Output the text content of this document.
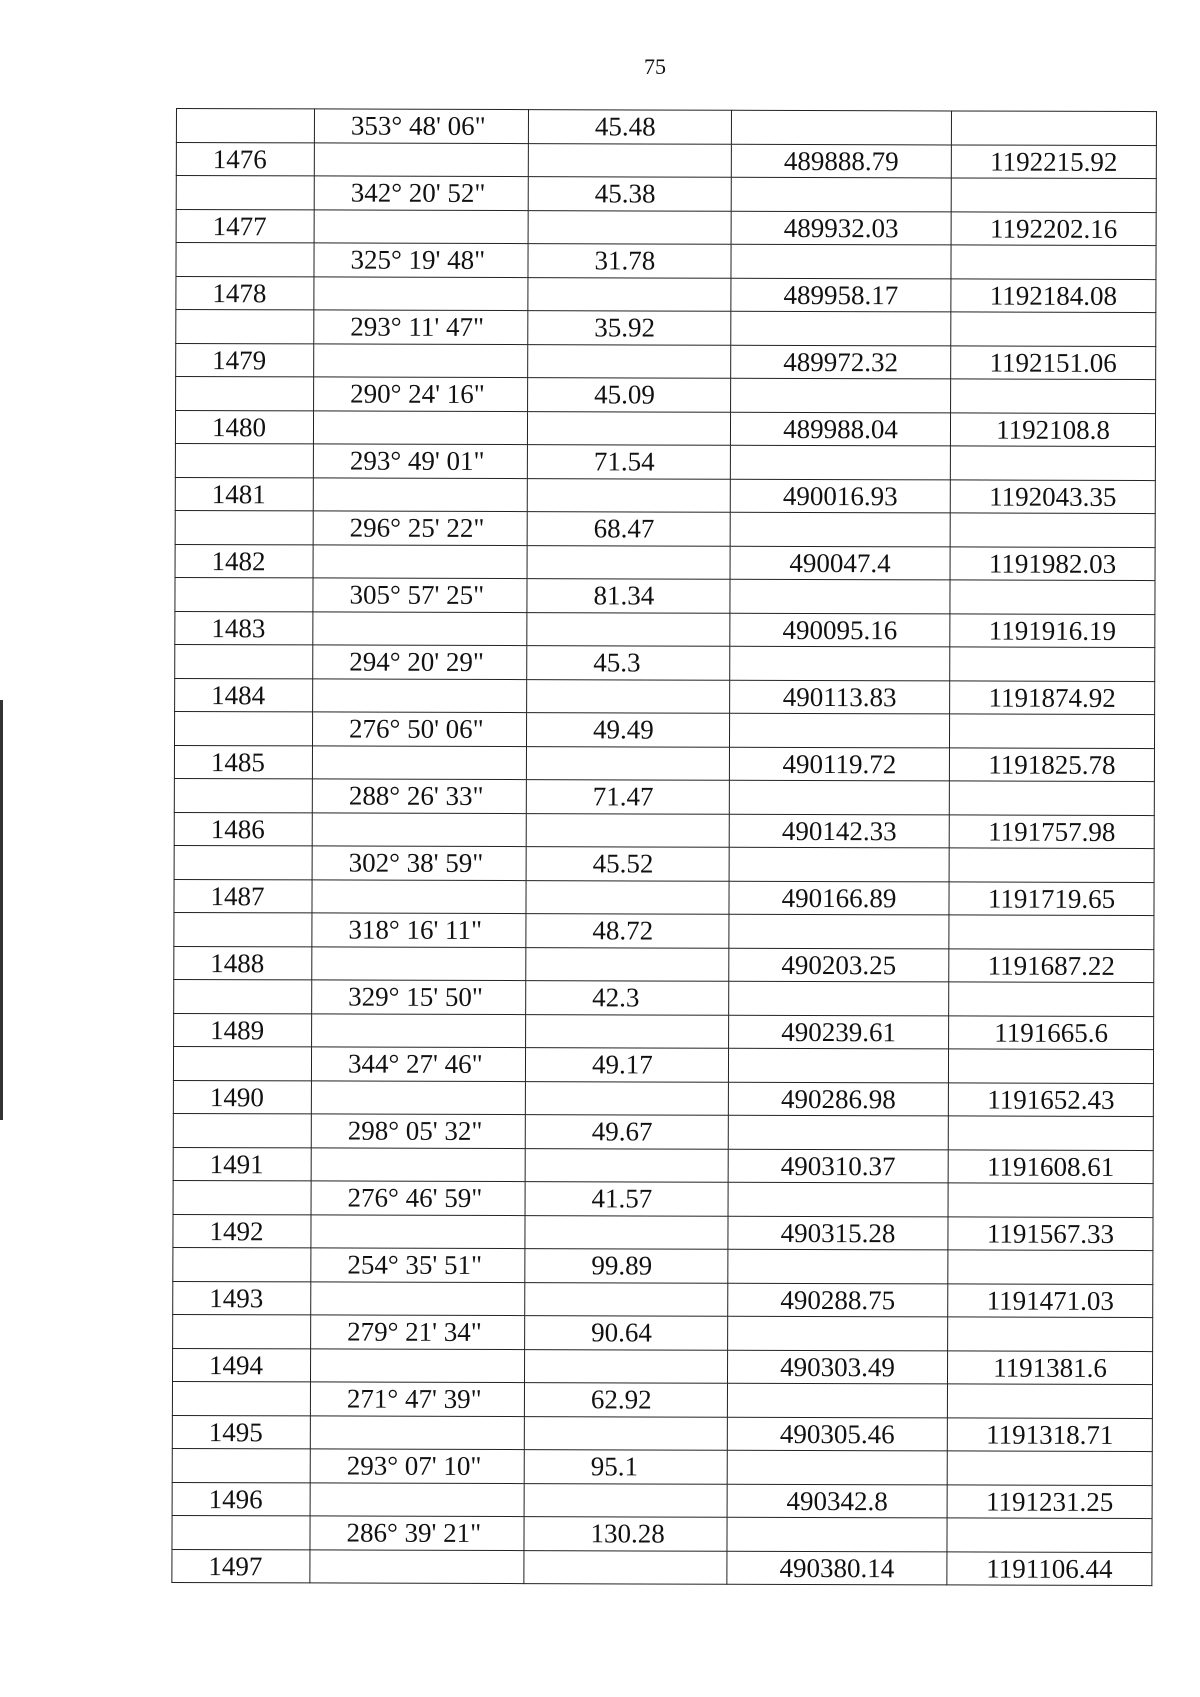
75
	353° 48' 06"	45.48		
1476			489888.79	1192215.92
	342° 20' 52"	45.38		
1477			489932.03	1192202.16
	325° 19' 48"	31.78		
1478			489958.17	1192184.08
	293° 11' 47"	35.92		
1479			489972.32	1192151.06
	290° 24' 16"	45.09		
1480			489988.04	1192108.8
	293° 49' 01"	71.54		
1481			490016.93	1192043.35
	296° 25' 22"	68.47		
1482			490047.4	1191982.03
	305° 57' 25"	81.34		
1483			490095.16	1191916.19
	294° 20' 29"	45.3		
1484			490113.83	1191874.92
	276° 50' 06"	49.49		
1485			490119.72	1191825.78
	288° 26' 33"	71.47		
1486			490142.33	1191757.98
	302° 38' 59"	45.52		
1487			490166.89	1191719.65
	318° 16' 11"	48.72		
1488			490203.25	1191687.22
	329° 15' 50"	42.3		
1489			490239.61	1191665.6
	344° 27' 46"	49.17		
1490			490286.98	1191652.43
	298° 05' 32"	49.67		
1491			490310.37	1191608.61
	276° 46' 59"	41.57		
1492			490315.28	1191567.33
	254° 35' 51"	99.89		
1493			490288.75	1191471.03
	279° 21' 34"	90.64		
1494			490303.49	1191381.6
	271° 47' 39"	62.92		
1495			490305.46	1191318.71
	293° 07' 10"	95.1		
1496			490342.8	1191231.25
	286° 39' 21"	130.28		
1497			490380.14	1191106.44
